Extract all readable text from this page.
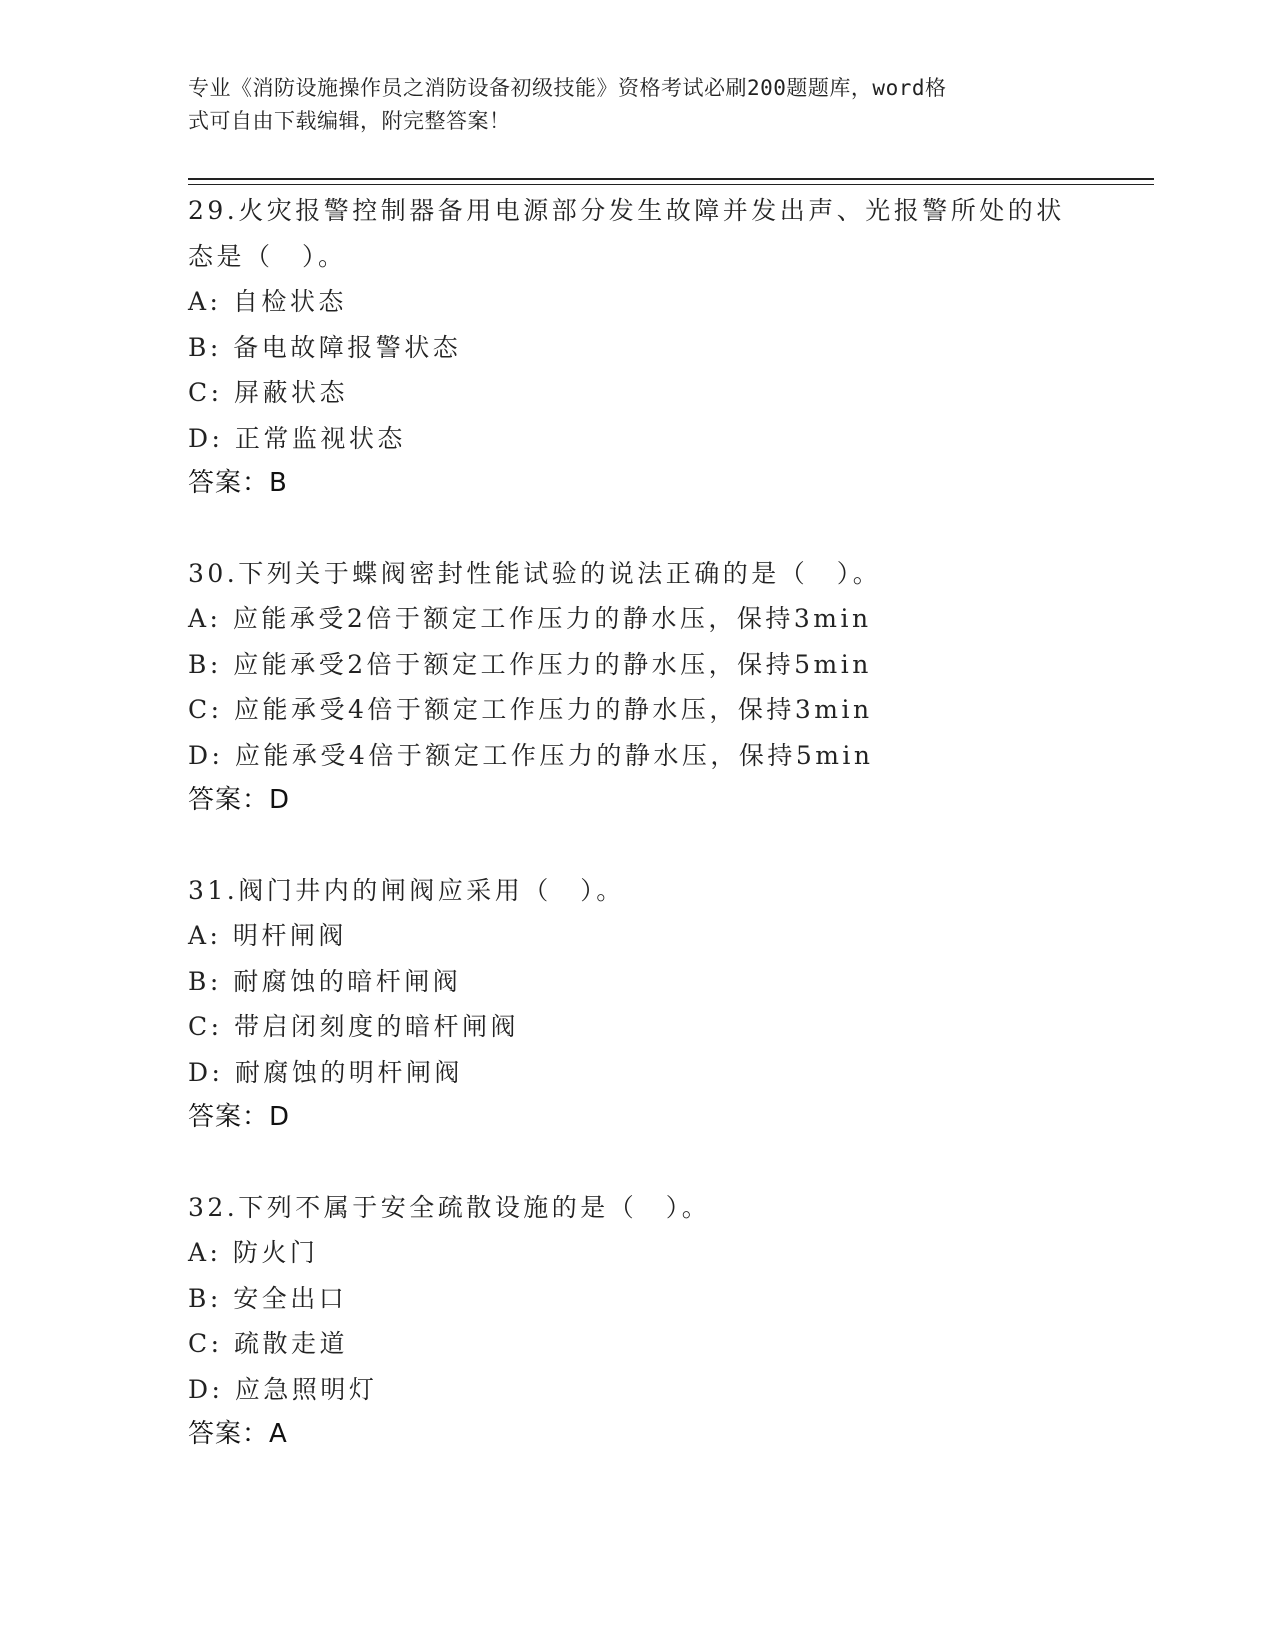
专业《消防设施操作员之消防设备初级技能》资格考试必刷200题题库，word格
式可自由下载编辑，附完整答案！
29.火灾报警控制器备用电源部分发生故障并发出声、光报警所处的状
态是（　）。
A: 自检状态
B: 备电故障报警状态
C: 屏蔽状态
D: 正常监视状态
答案：B
30.下列关于蝶阀密封性能试验的说法正确的是（　）。
A: 应能承受2倍于额定工作压力的静水压，保持3min
B: 应能承受2倍于额定工作压力的静水压，保持5min
C: 应能承受4倍于额定工作压力的静水压，保持3min
D: 应能承受4倍于额定工作压力的静水压，保持5min
答案：D
31.阀门井内的闸阀应采用（　）。
A: 明杆闸阀
B: 耐腐蚀的暗杆闸阀
C: 带启闭刻度的暗杆闸阀
D: 耐腐蚀的明杆闸阀
答案：D
32.下列不属于安全疏散设施的是（　）。
A: 防火门
B: 安全出口
C: 疏散走道
D: 应急照明灯
答案：A
